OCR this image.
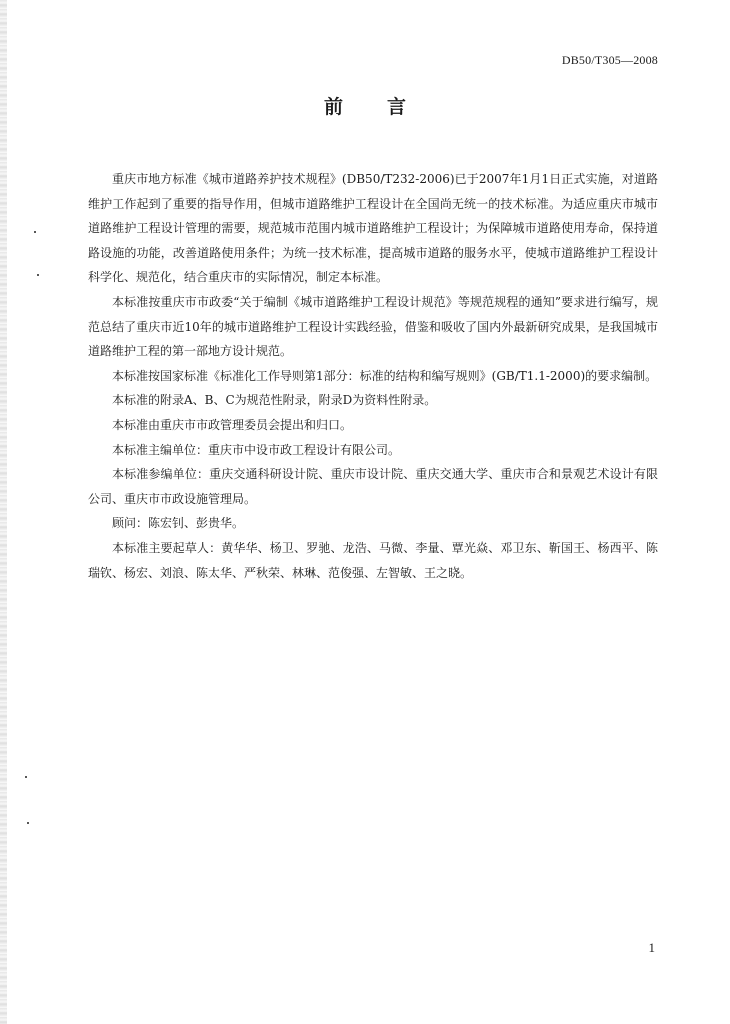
DB50/T305—2008
前言

重庆市地方标准《城市道路养护技术规程》(DB50/T232-2006)已于2007年1月1日正式实施，对道路维护工作起到了重要的指导作用，但城市道路维护工程设计在全国尚无统一的技术标准。为适应重庆市城市道路维护工程设计管理的需要，规范城市范围内城市道路维护工程设计；为保障城市道路使用寿命，保持道路设施的功能，改善道路使用条件；为统一技术标准，提高城市道路的服务水平，使城市道路维护工程设计科学化、规范化，结合重庆市的实际情况，制定本标准。

本标准按重庆市市政委“关于编制《城市道路维护工程设计规范》等规范规程的通知”要求进行编写，规范总结了重庆市近10年的城市道路维护工程设计实践经验，借鉴和吸收了国内外最新研究成果，是我国城市道路维护工程的第一部地方设计规范。

本标准按国家标准《标准化工作导则第1部分：标准的结构和编写规则》(GB/T1.1-2000)的要求编制。

本标准的附录A、B、C为规范性附录，附录D为资料性附录。

本标准由重庆市市政管理委员会提出和归口。

本标准主编单位：重庆市中设市政工程设计有限公司。

本标准参编单位：重庆交通科研设计院、重庆市设计院、重庆交通大学、重庆市合和景观艺术设计有限公司、重庆市市政设施管理局。

顾问：陈宏钊、彭贵华。

本标准主要起草人：黄华华、杨卫、罗驰、龙浩、马微、李量、覃光焱、邓卫东、靳国王、杨西平、陈瑞钦、杨宏、刘浪、陈太华、严秋荣、林琳、范俊强、左智敏、王之晓。

1
